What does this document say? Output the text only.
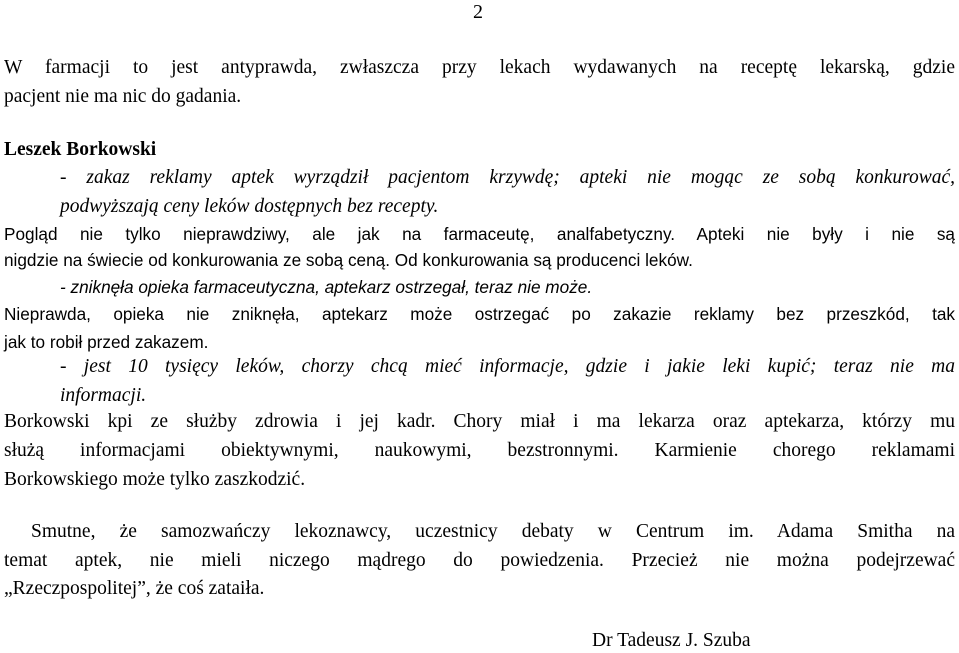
2
W farmacji to jest antyprawda, zwłaszcza przy lekach wydawanych na receptę lekarską, gdzie
pacjent nie ma nic do gadania.
Leszek Borkowski
- zakaz reklamy aptek wyrządził pacjentom krzywdę; apteki nie mogąc ze sobą konkurować,
podwyższają ceny leków dostępnych bez recepty.
Pogląd nie tylko nieprawdziwy, ale jak na farmaceutę, analfabetyczny. Apteki nie były i nie są
nigdzie na świecie od konkurowania ze sobą ceną. Od konkurowania są producenci leków.
- zniknęła opieka farmaceutyczna, aptekarz ostrzegał, teraz nie może.
Nieprawda, opieka nie zniknęła, aptekarz może ostrzegać po zakazie reklamy bez przeszkód, tak
jak to robił przed zakazem.
- jest 10 tysięcy leków, chorzy chcą mieć informacje, gdzie i jakie leki kupić; teraz nie ma
informacji.
Borkowski kpi ze służby zdrowia i jej kadr. Chory miał i ma lekarza oraz aptekarza, którzy mu
służą informacjami obiektywnymi, naukowymi, bezstronnymi. Karmienie chorego reklamami
Borkowskiego może tylko zaszkodzić.
Smutne, że samozwańczy lekoznawcy, uczestnicy debaty w Centrum im. Adama Smitha na
temat aptek, nie mieli niczego mądrego do powiedzenia. Przecież nie można podejrzewać
„Rzeczpospolitej”, że coś zataiła.
Dr Tadeusz J. Szuba
